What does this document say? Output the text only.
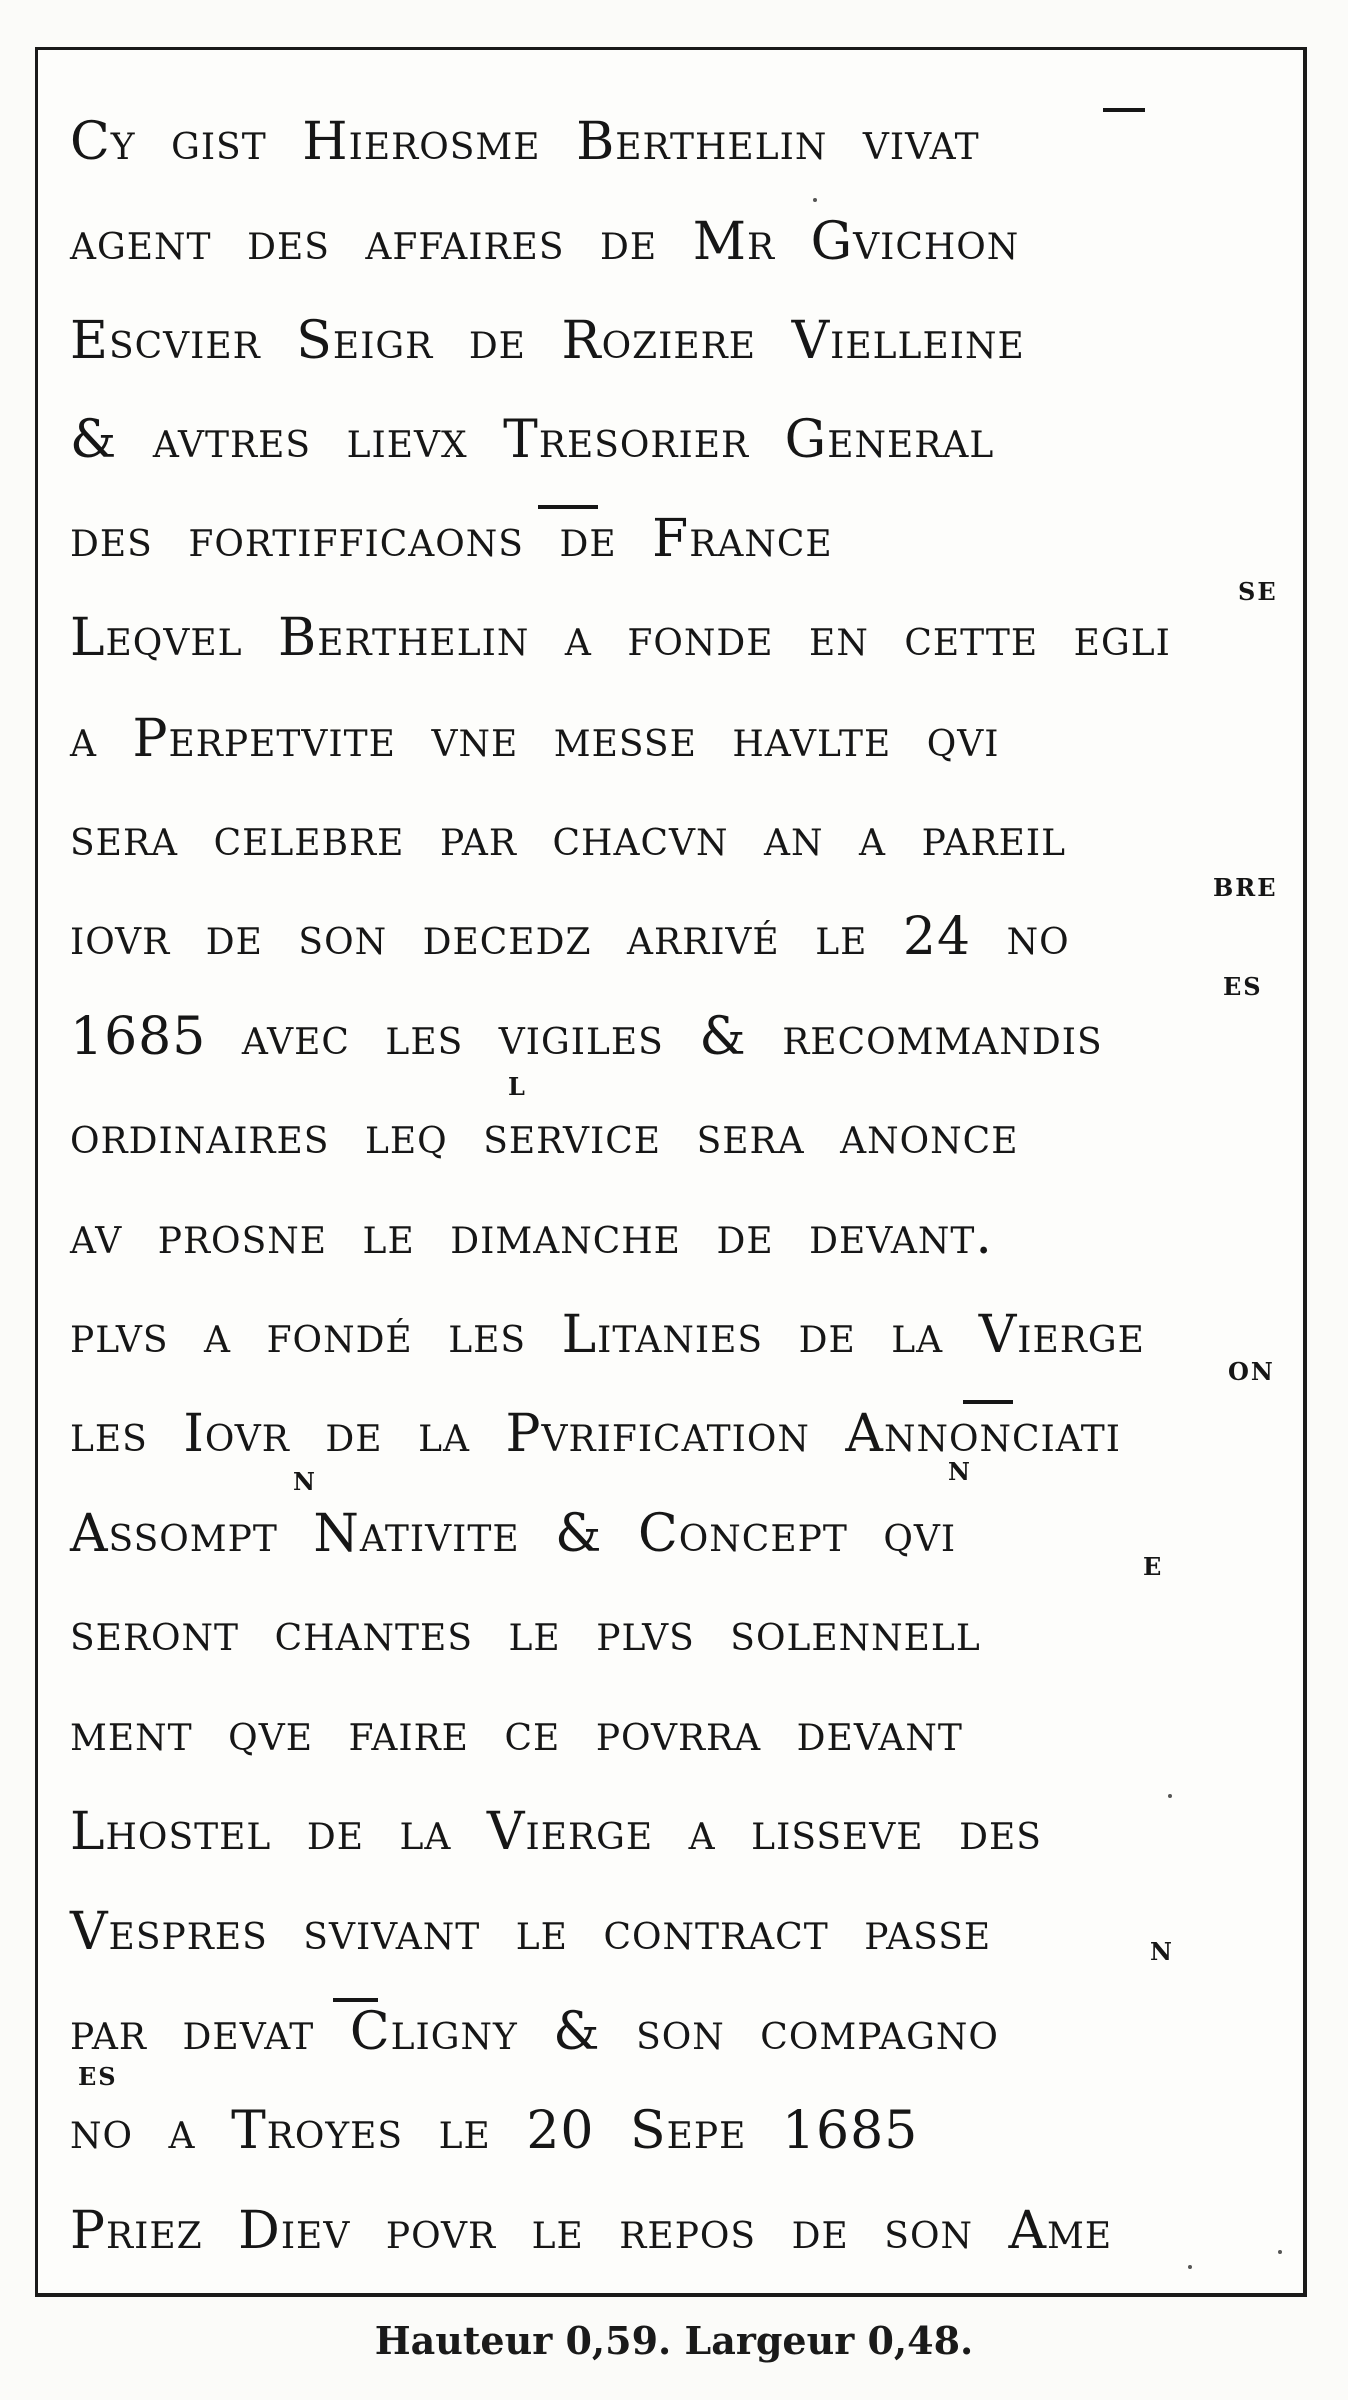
Cy gist Hierosme Berthelin vivat
agent des affaires de Mr Gvichon
Escvier Seigr de Roziere Vielleine
& avtres lievx Tresorier General
des fortifficaons de France
Leqvel Berthelin a fonde en cette egli
a Perpetvite vne messe havlte qvi
sera celebre par chacvn an a pareil
iovr de son decedz arrivé le 24 no
1685 avec les vigiles & recommandis
ordinaires leq service sera anonce
av prosne le dimanche de devant.
plvs a fondé les Litanies de la Vierge
les Iovr de la Pvrification Annonciati
Assompt Nativite & Concept qvi
seront chantes le plvs solennell
ment qve faire ce povrra devant
Lhostel de la Vierge a lisseve des
Vespres svivant le contract passe
par devat Cligny & son compagno
no a Troyes le 20 Sepe 1685
Priez Diev povr le repos de son Ame
SE
BRE
ES
L
ON
N	N
E
N
ES
Hauteur 0,59. Largeur 0,48.
